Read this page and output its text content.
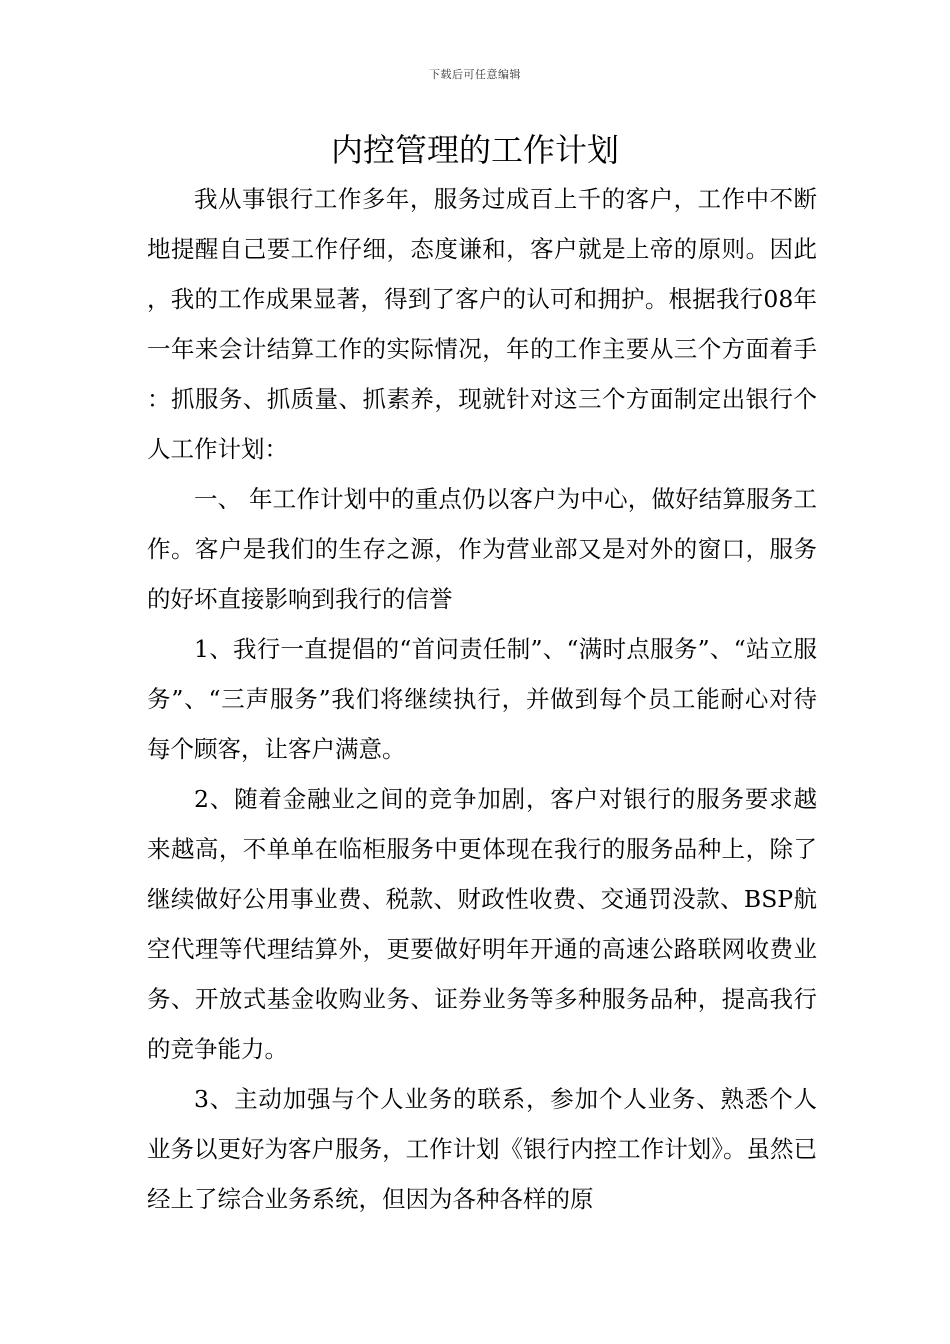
下载后可任意编辑
内控管理的工作计划

我从事银行工作多年，服务过成百上千的客户，工作中不断地提醒自己要工作仔细，态度谦和，客户就是上帝的原则。因此，我的工作成果显著，得到了客户的认可和拥护。根据我行08年一年来会计结算工作的实际情况，年的工作主要从三个方面着手：抓服务、抓质量、抓素养，现就针对这三个方面制定出银行个人工作计划：

一、 年工作计划中的重点仍以客户为中心，做好结算服务工作。客户是我们的生存之源，作为营业部又是对外的窗口，服务的好坏直接影响到我行的信誉

1、我行一直提倡的“首问责任制”、“满时点服务”、“站立服务”、“三声服务”我们将继续执行，并做到每个员工能耐心对待每个顾客，让客户满意。

2、随着金融业之间的竞争加剧，客户对银行的服务要求越来越高，不单单在临柜服务中更体现在我行的服务品种上，除了继续做好公用事业费、税款、财政性收费、交通罚没款、BSP航空代理等代理结算外，更要做好明年开通的高速公路联网收费业务、开放式基金收购业务、证券业务等多种服务品种，提高我行的竞争能力。

3、主动加强与个人业务的联系，参加个人业务、熟悉个人业务以更好为客户服务，工作计划《银行内控工作计划》。虽然已经上了综合业务系统，但因为各种各样的原
